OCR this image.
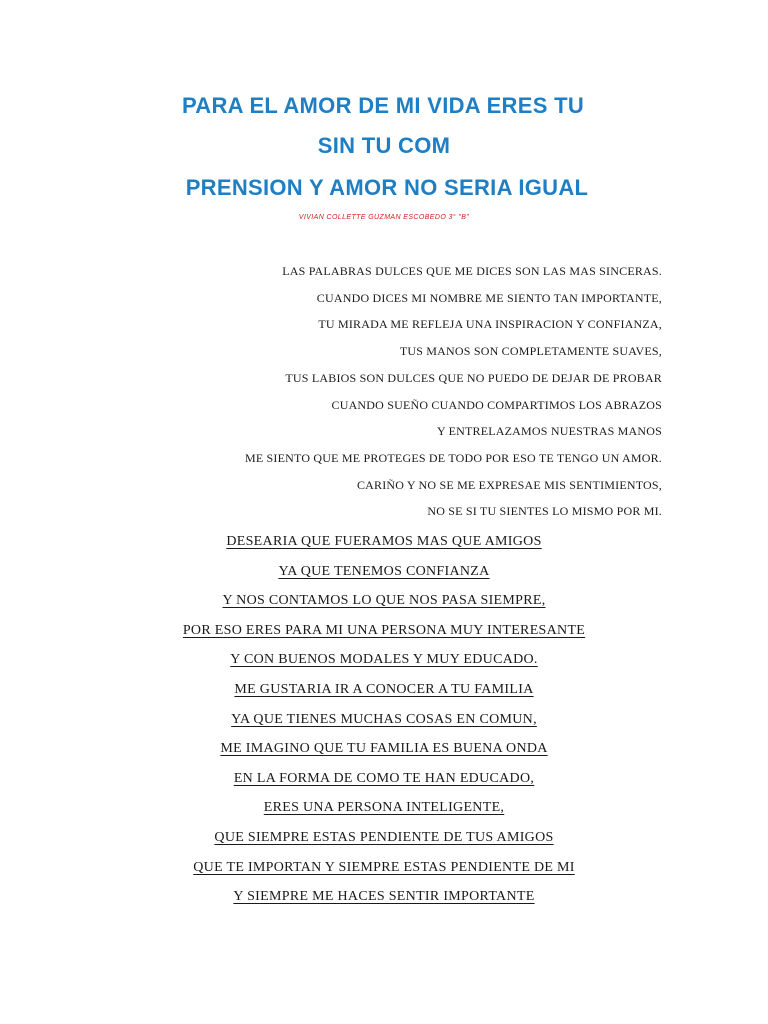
PARA EL AMOR DE MI VIDA ERES TU
SIN TU COM
PRENSION Y AMOR NO SERIA IGUAL
VIVIAN COLLETTE GUZMAN ESCOBEDO 3° "B"
LAS PALABRAS DULCES QUE ME DICES SON LAS MAS SINCERAS.
CUANDO DICES MI NOMBRE ME SIENTO TAN IMPORTANTE,
TU MIRADA ME REFLEJA UNA INSPIRACION Y CONFIANZA,
TUS MANOS SON COMPLETAMENTE SUAVES,
TUS LABIOS SON DULCES QUE NO PUEDO DE DEJAR DE PROBAR
CUANDO SUEÑO CUANDO COMPARTIMOS LOS ABRAZOS
Y ENTRELAZAMOS NUESTRAS MANOS
ME SIENTO QUE ME PROTEGES DE TODO POR ESO TE TENGO UN AMOR.
CARIÑO Y NO SE ME EXPRESAE MIS SENTIMIENTOS,
NO SE SI TU SIENTES LO MISMO POR MI.
DESEARIA QUE FUERAMOS MAS QUE AMIGOS
YA QUE TENEMOS CONFIANZA
Y NOS CONTAMOS LO QUE NOS PASA SIEMPRE,
POR ESO ERES PARA MI UNA PERSONA MUY INTERESANTE
Y CON BUENOS MODALES Y MUY EDUCADO.
ME GUSTARIA IR A CONOCER A TU FAMILIA
YA QUE TIENES MUCHAS COSAS EN COMUN,
ME IMAGINO QUE TU FAMILIA ES BUENA ONDA
EN LA FORMA DE COMO TE HAN EDUCADO,
ERES UNA PERSONA INTELIGENTE,
QUE SIEMPRE ESTAS PENDIENTE DE TUS AMIGOS
QUE TE IMPORTAN Y SIEMPRE ESTAS PENDIENTE DE MI
Y SIEMPRE ME HACES SENTIR IMPORTANTE
